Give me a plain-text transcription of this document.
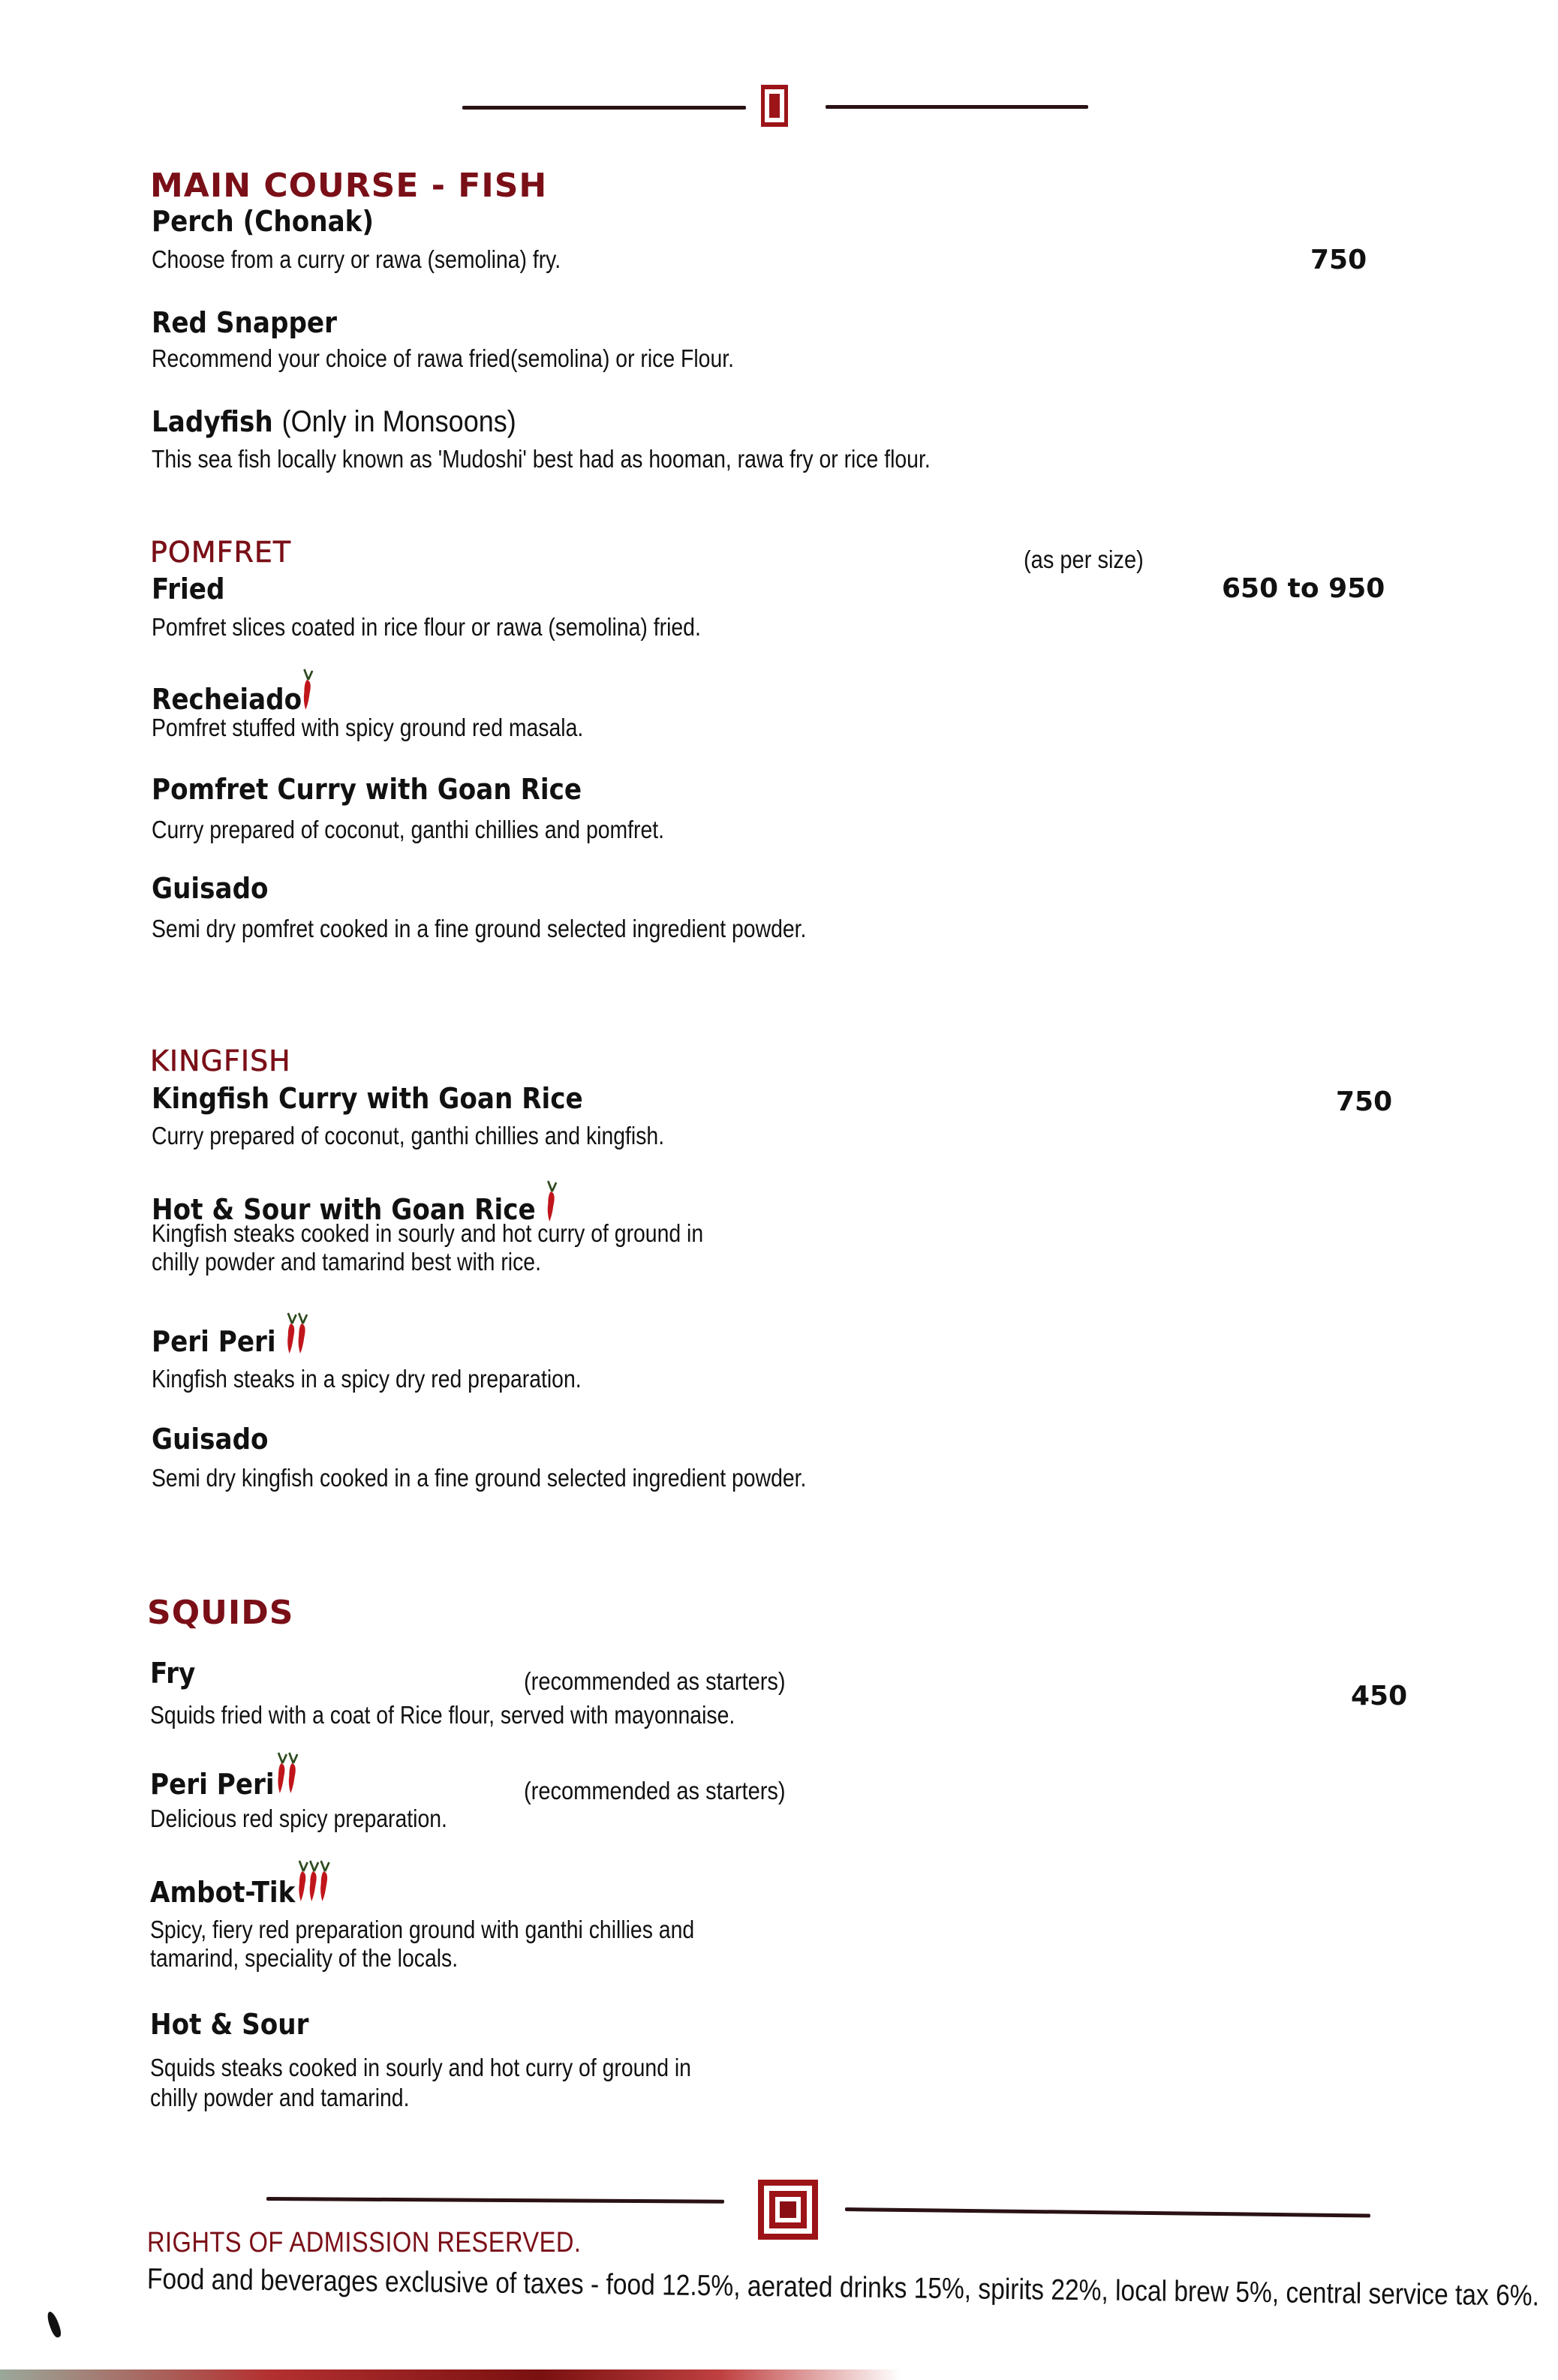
MAIN COURSE - FISH
750
Perch (Chonak)
Choose from a curry or rawa (semolina) fry.
Red Snapper
Recommend your choice of rawa fried(semolina) or rice Flour.
Ladyfish (Only in Monsoons)
This sea fish locally known as 'Mudoshi' best had as hooman, rawa fry or rice flour.
POMFRET	(as per size)
650 to 950
Fried
Pomfret slices coated in rice flour or rawa (semolina) fried.
Recheiado
Pomfret stuffed with spicy ground red masala.
Pomfret Curry with Goan Rice
Curry prepared of coconut, ganthi chillies and pomfret.
Guisado
Semi dry pomfret cooked in a fine ground selected ingredient powder.
KINGFISH
750
Kingfish Curry with Goan Rice
Curry prepared of coconut, ganthi chillies and kingfish.
Hot & Sour with Goan Rice
Kingfish steaks cooked in sourly and hot curry of ground in
chilly powder and tamarind best with rice.
Peri Peri
Kingfish steaks in a spicy dry red preparation.
Guisado
Semi dry kingfish cooked in a fine ground selected ingredient powder.
SQUIDS
450
Fry	(recommended as starters)
Squids fried with a coat of Rice flour, served with mayonnaise.
Peri Peri	(recommended as starters)
Delicious red spicy preparation.
Ambot-Tik
Spicy, fiery red preparation ground with ganthi chillies and
tamarind, speciality of the locals.
Hot & Sour
Squids steaks cooked in sourly and hot curry of ground in
chilly powder and tamarind.
RIGHTS OF ADMISSION RESERVED.
Food and beverages exclusive of taxes - food 12.5%, aerated drinks 15%, spirits 22%, local brew 5%, central service tax 6%.
